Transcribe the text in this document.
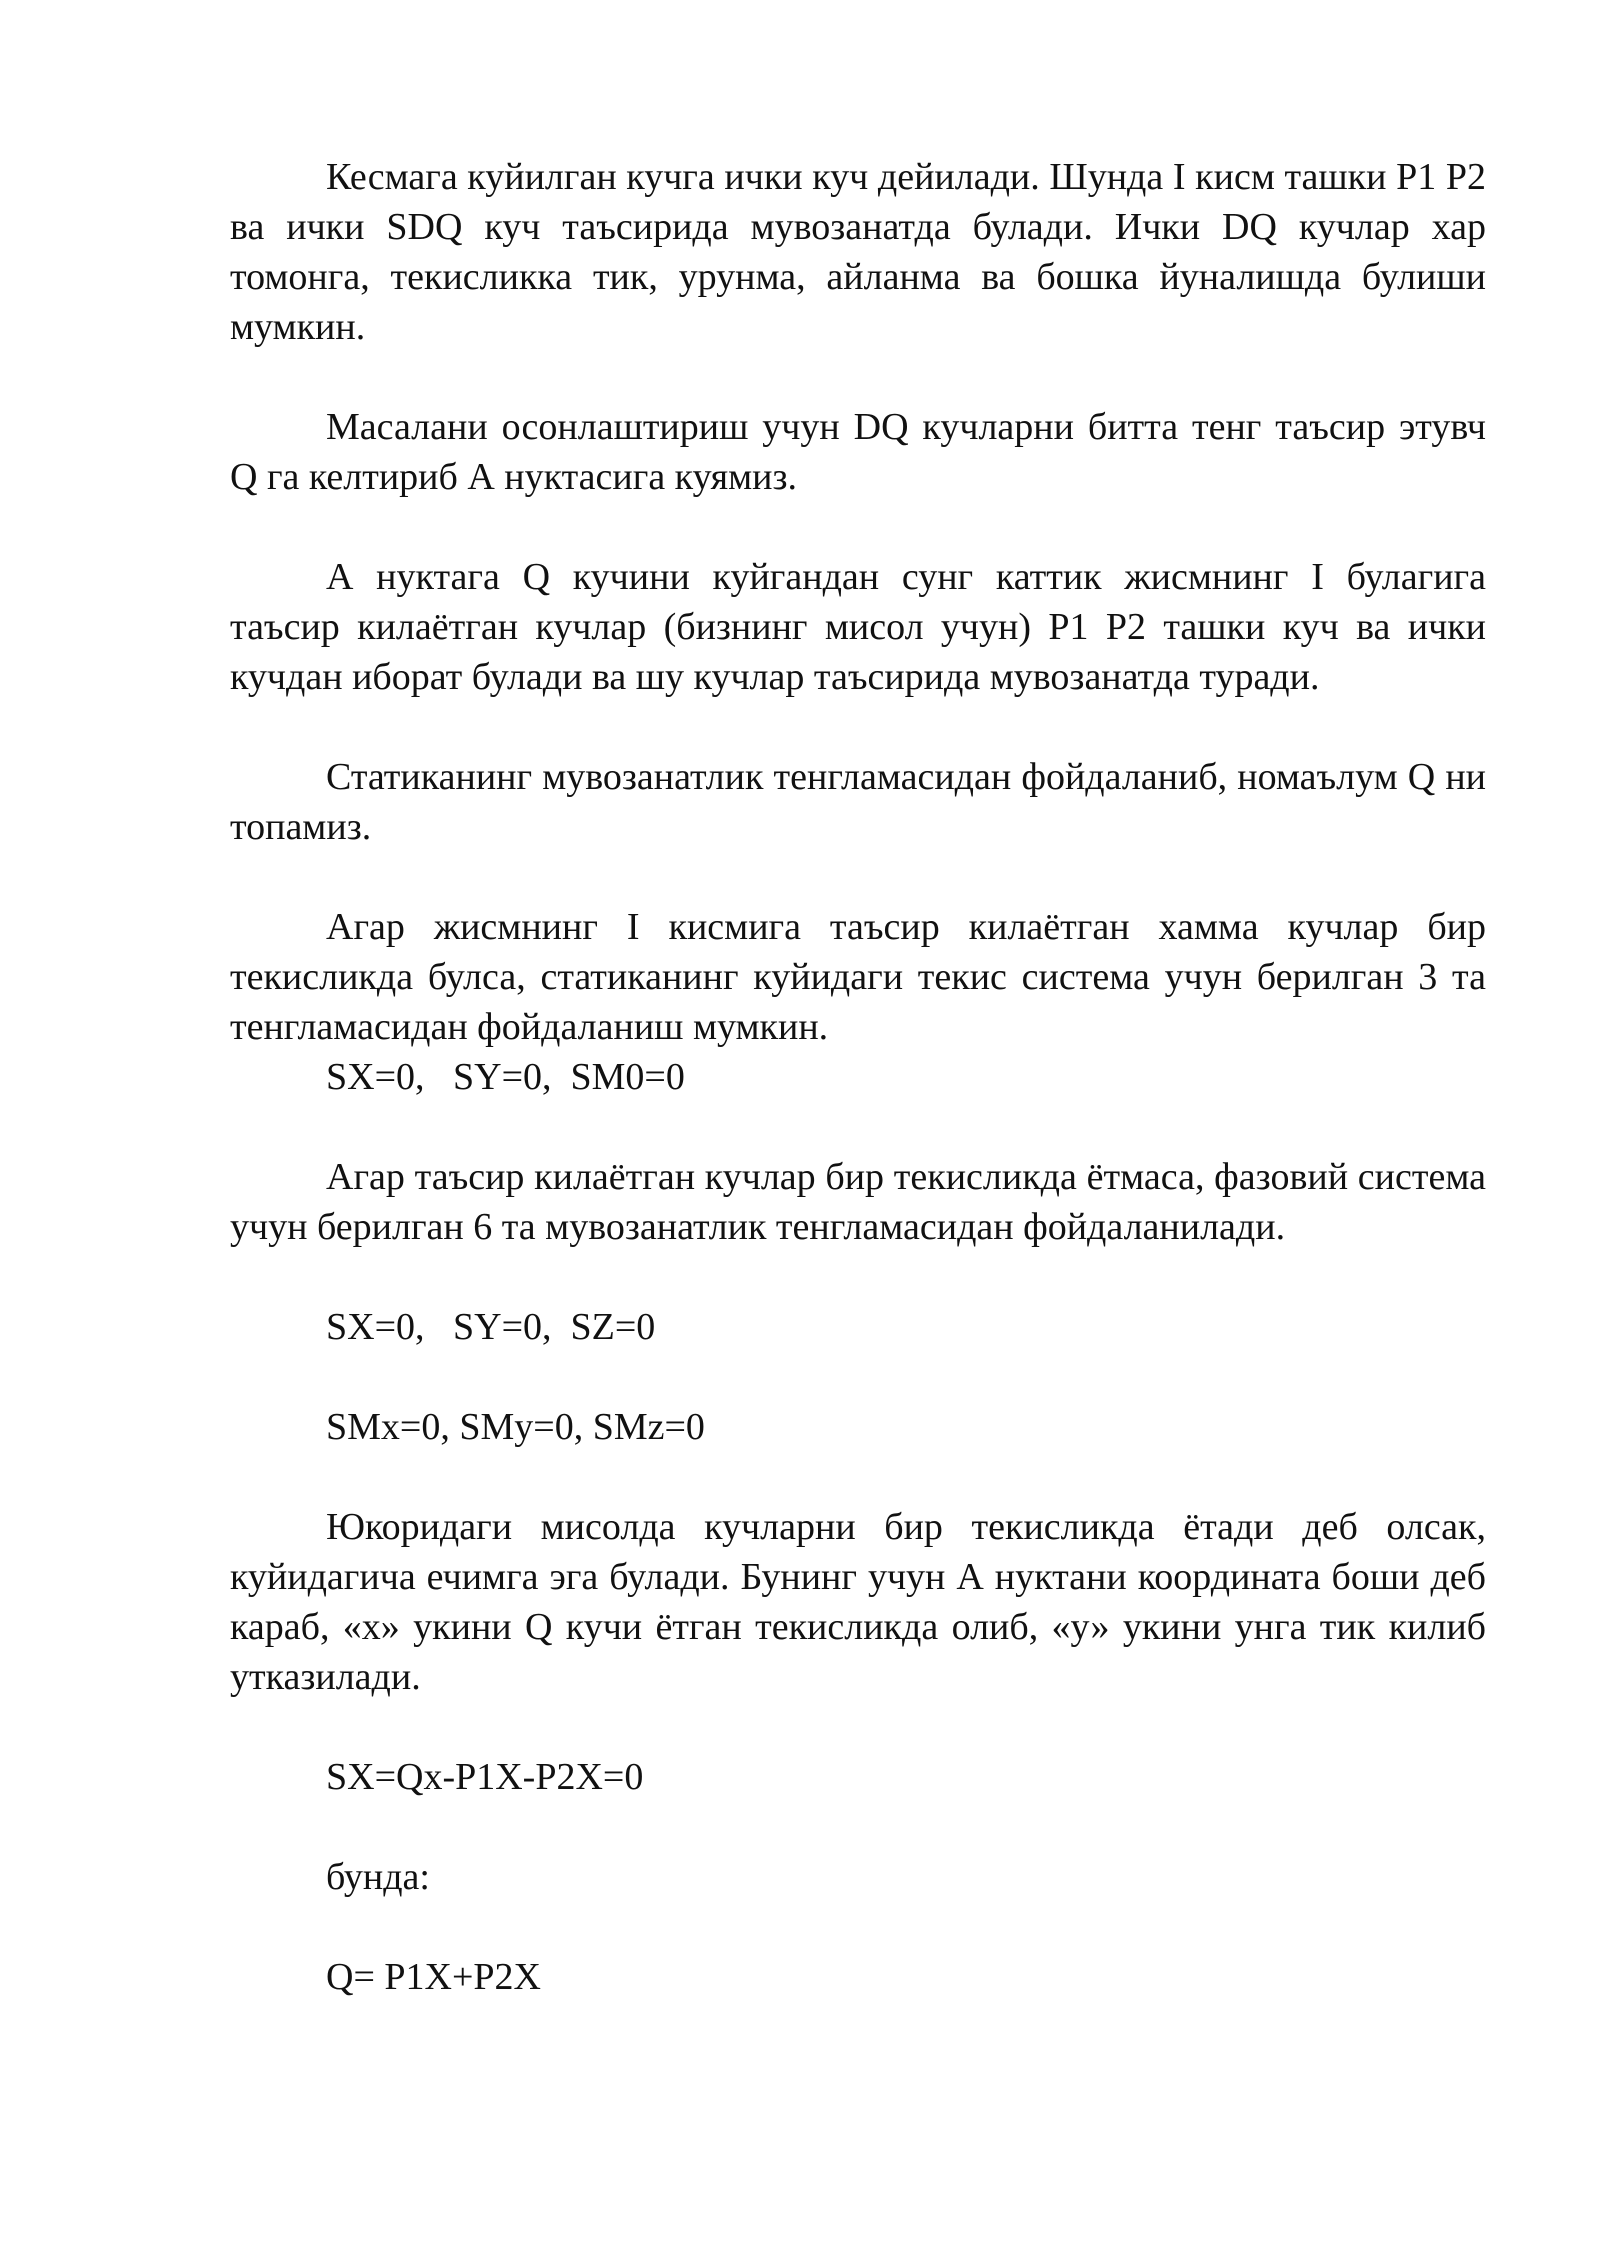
Кесмага куйилган кучга ички куч дейилади. Шунда I кисм ташки Р1 Р2 ва ички SDQ куч таъсирида мувозанатда булади. Ички DQ кучлар хар томонга, текисликка тик, урунма, айланма ва бошка йуналишда булиши мумкин.

Масалани осонлаштириш учун DQ кучларни битта тенг таъсир этувч Q га келтириб А нуктасига куямиз.

А нуктага Q кучини куйгандан сунг каттик жисмнинг I булагига таъсир килаётган кучлар (бизнинг мисол учун) Р1 Р2 ташки куч ва ички кучдан иборат булади ва шу кучлар таъсирида мувозанатда туради.

Статиканинг мувозанатлик тенгламасидан фойдаланиб, номаълум Q ни топамиз.

Агар жисмнинг I кисмига таъсир килаётган хамма кучлар бир текисликда булса, статиканинг куйидаги текис система учун берилган 3 та тенгламасидан фойдаланиш мумкин.

SX=0,   SY=0,  SM0=0

Агар таъсир килаётган кучлар бир текисликда ётмаса, фазовий система учун берилган 6 та мувозанатлик тенгламасидан фойдаланилади.

SX=0,   SY=0,  SZ=0

SMx=0, SMy=0, SMz=0

Юкоридаги мисолда кучларни бир текисликда ётади деб олсак, куйидагича ечимга эга булади. Бунинг учун А нуктани координата боши деб караб, «х» укини Q кучи ётган текисликда олиб, «у» укини унга тик килиб утказилади.

SX=Qx-Р1Х-Р2Х=0

бунда:

Q= Р1Х+Р2Х
